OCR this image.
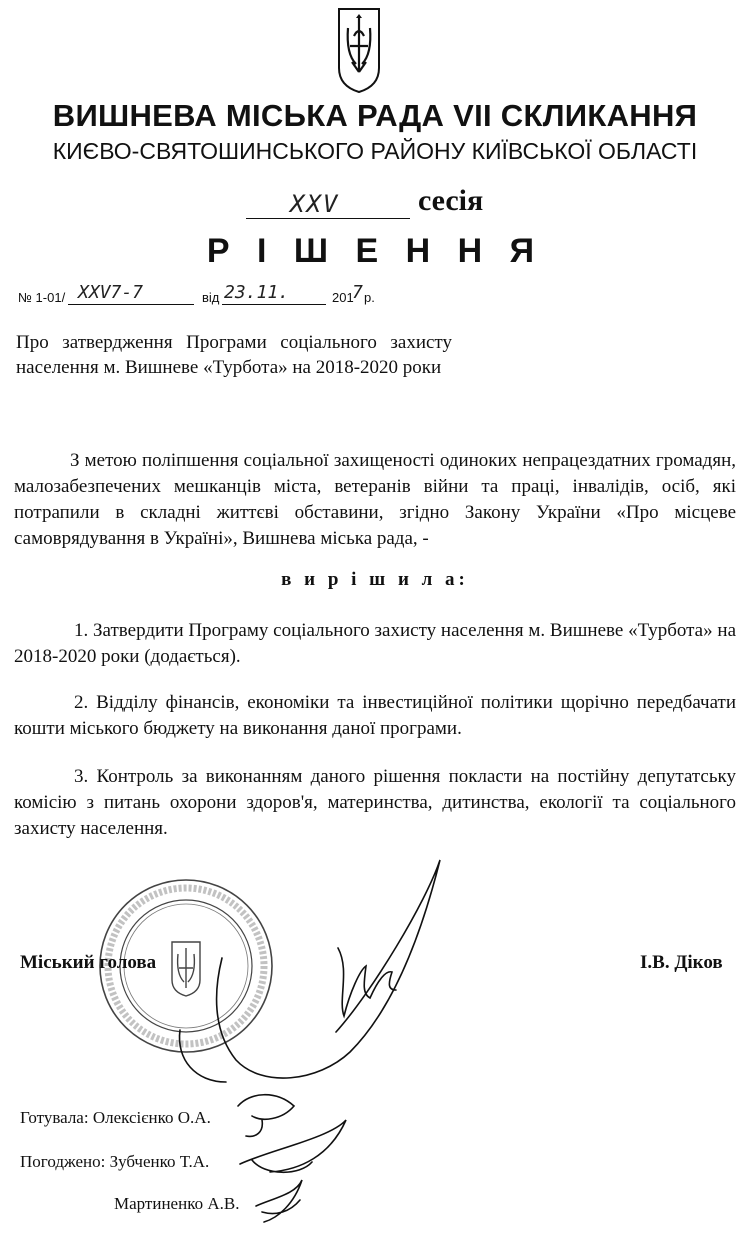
ВИШНЕВА МІСЬКА РАДА VII СКЛИКАННЯ
КИЄВО-СВЯТОШИНСЬКОГО РАЙОНУ КИЇВСЬКОЇ ОБЛАСТІ
XXV	сесія
Р І Ш Е Н Н Я
№ 1-01/ XXV7-7	від 23.11.	201
7 р.
Про затвердження Програми соціального захисту населення м. Вишневе «Турбота» на 2018-2020 роки
З метою поліпшення соціальної захищеності одиноких непрацездатних громадян, малозабезпечених мешканців міста, ветеранів війни та праці, інвалідів, осіб, які потрапили в складні життєві обставини, згідно Закону України «Про місцеве самоврядування в Україні», Вишнева міська рада, -
в и р і ш и л а:
1. Затвердити Програму соціального захисту населення м. Вишневе «Турбота» на 2018-2020 роки (додається).
2. Відділу фінансів, економіки та інвестиційної політики щорічно передбачати кошти міського бюджету на виконання даної програми.
3. Контроль за виконанням даного рішення покласти на постійну депутатську комісію з питань охорони здоров'я, материнства, дитинства, екології та соціального захисту населення.
Міський голова	І.В. Діков
Готувала: Олексієнко О.А.
Погоджено: Зубченко Т.А.
Мартиненко А.В.
